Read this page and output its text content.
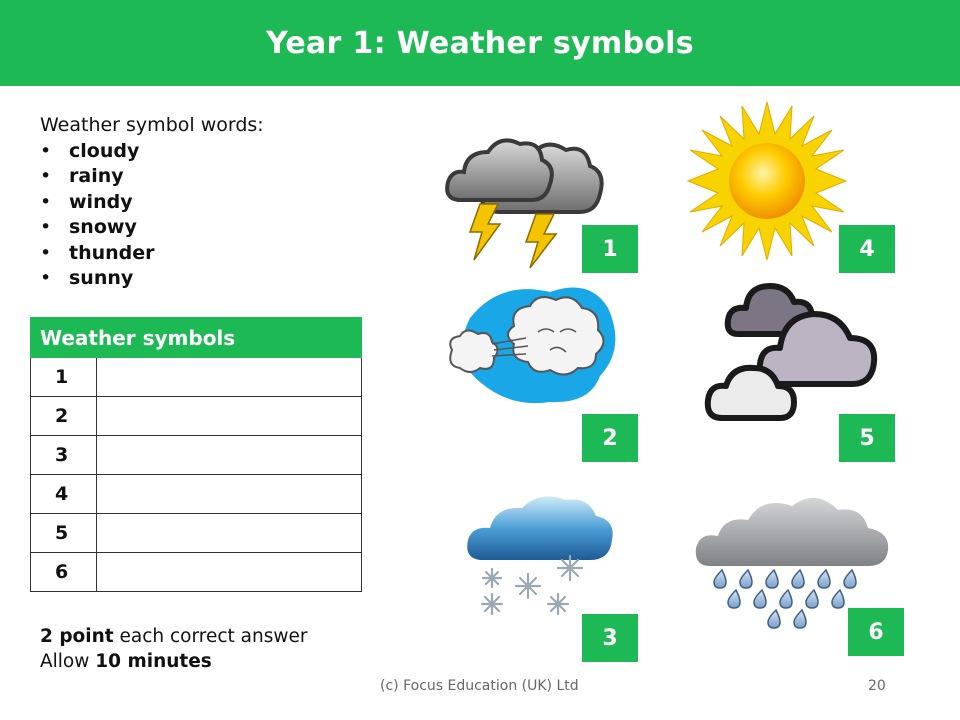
Year 1: Weather symbols
Weather symbol words:
• cloudy
• rainy
• windy
• snowy
• thunder
• sunny
Weather symbols	
1	
2	
3	
4	
5	
6	
2 point each correct answer
Allow 10 minutes
1
2
3
4
5
6
(c) Focus Education (UK) Ltd	20
